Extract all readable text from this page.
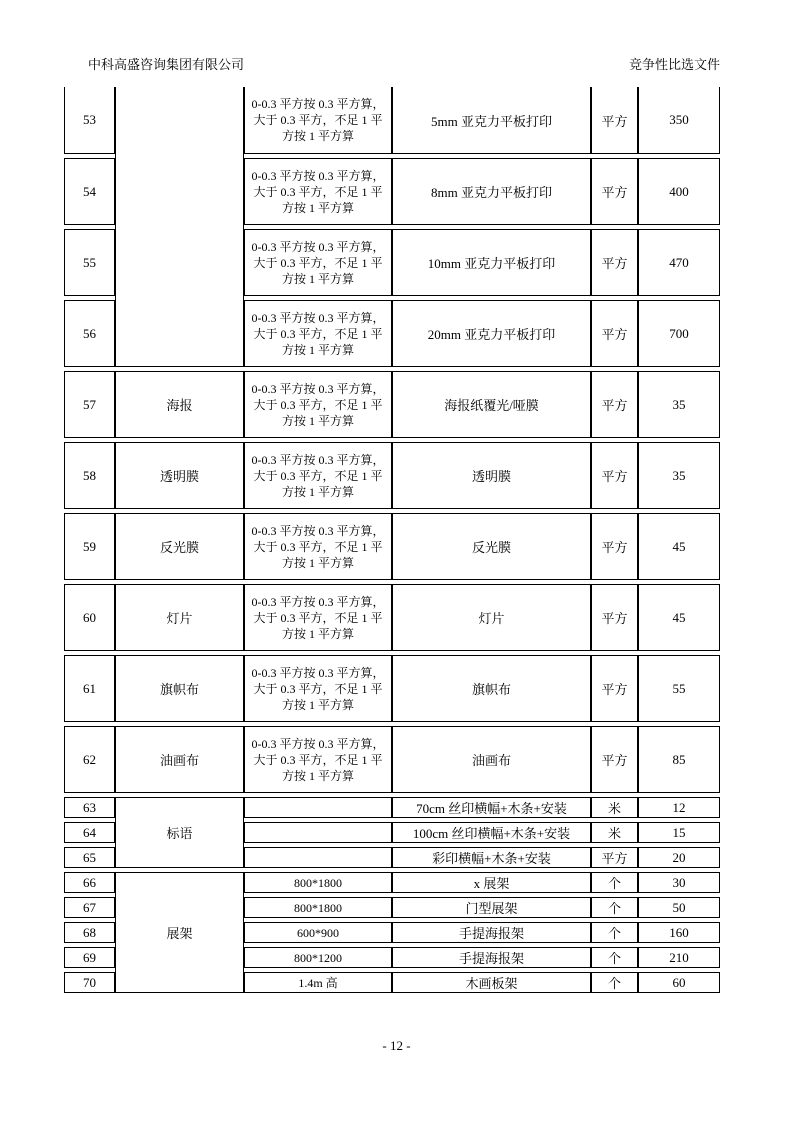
中科高盛咨询集团有限公司	竞争性比选文件
53		0-0.3 平方按 0.3 平方算，大于 0.3 平方，不足 1 平方按 1 平方算	5mm 亚克力平板打印	平方	350
54		0-0.3 平方按 0.3 平方算，大于 0.3 平方，不足 1 平方按 1 平方算	8mm 亚克力平板打印	平方	400
55		0-0.3 平方按 0.3 平方算，大于 0.3 平方，不足 1 平方按 1 平方算	10mm 亚克力平板打印	平方	470
56		0-0.3 平方按 0.3 平方算，大于 0.3 平方，不足 1 平方按 1 平方算	20mm 亚克力平板打印	平方	700
57	海报	0-0.3 平方按 0.3 平方算，大于 0.3 平方，不足 1 平方按 1 平方算	海报纸覆光/哑膜	平方	35
58	透明膜	0-0.3 平方按 0.3 平方算，大于 0.3 平方，不足 1 平方按 1 平方算	透明膜	平方	35
59	反光膜	0-0.3 平方按 0.3 平方算，大于 0.3 平方，不足 1 平方按 1 平方算	反光膜	平方	45
60	灯片	0-0.3 平方按 0.3 平方算，大于 0.3 平方，不足 1 平方按 1 平方算	灯片	平方	45
61	旗帜布	0-0.3 平方按 0.3 平方算，大于 0.3 平方，不足 1 平方按 1 平方算	旗帜布	平方	55
62	油画布	0-0.3 平方按 0.3 平方算，大于 0.3 平方，不足 1 平方按 1 平方算	油画布	平方	85
63	标语		70cm 丝印横幅+木条+安装	米	12
64			100cm 丝印横幅+木条+安装	米	15
65			彩印横幅+木条+安装	平方	20
66	展架	800*1800	x 展架	个	30
67		800*1800	门型展架	个	50
68		600*900	手提海报架	个	160
69		800*1200	手提海报架	个	210
70		1.4m 高	木画板架	个	60
- 12 -
